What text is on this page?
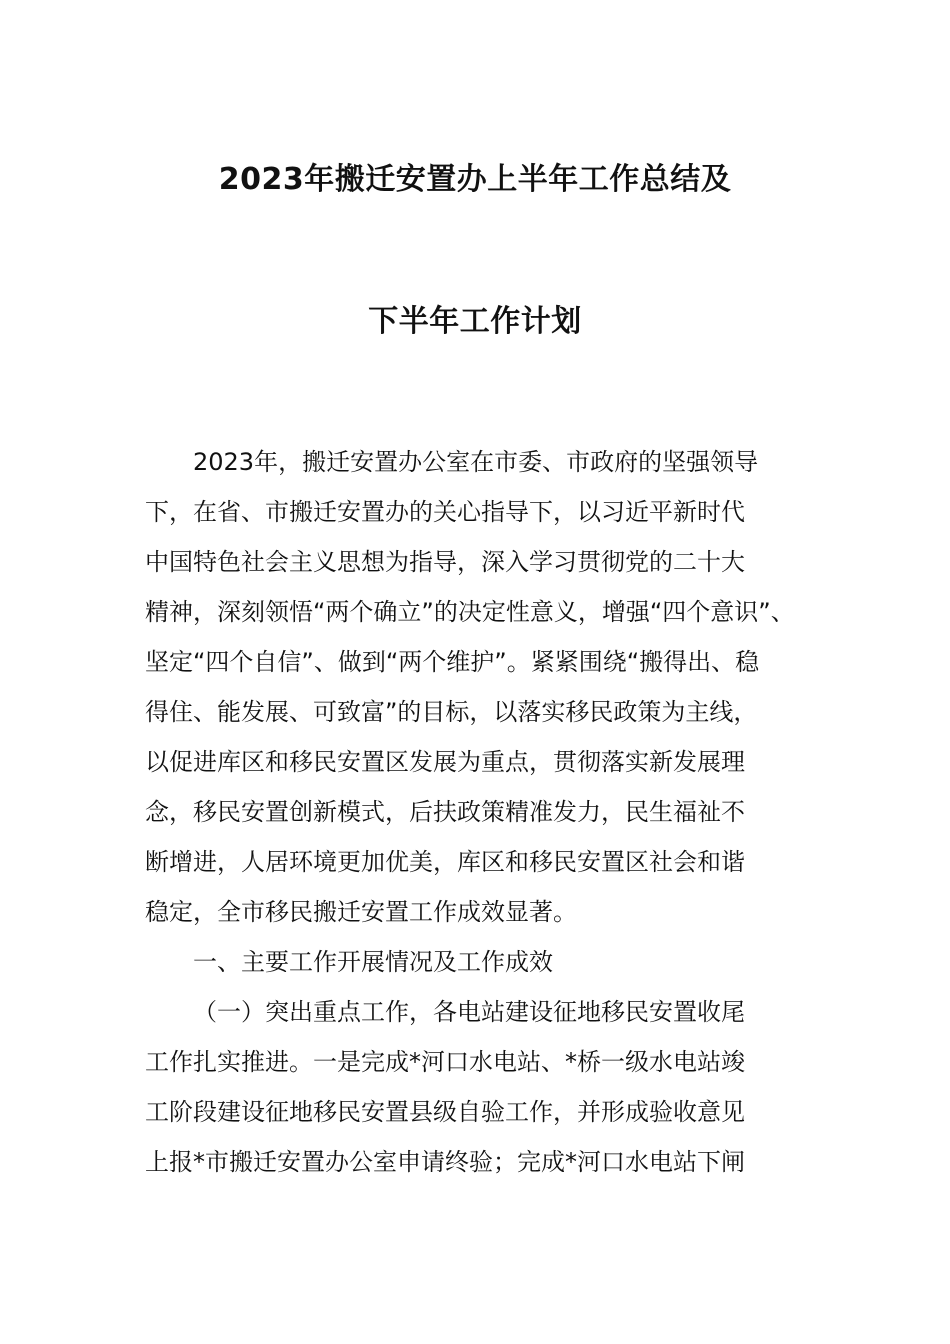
2023年搬迁安置办上半年工作总结及
下半年工作计划
2023年，搬迁安置办公室在市委、市政府的坚强领导
下，在省、市搬迁安置办的关心指导下，以习近平新时代
中国特色社会主义思想为指导，深入学习贯彻党的二十大
精神，深刻领悟“两个确立”的决定性意义，增强“四个意识”、
坚定“四个自信”、做到“两个维护”。紧紧围绕“搬得出、稳
得住、能发展、可致富”的目标，以落实移民政策为主线，
以促进库区和移民安置区发展为重点，贯彻落实新发展理
念，移民安置创新模式，后扶政策精准发力，民生福祉不
断增进，人居环境更加优美，库区和移民安置区社会和谐
稳定，全市移民搬迁安置工作成效显著。
一、主要工作开展情况及工作成效
（一）突出重点工作，各电站建设征地移民安置收尾
工作扎实推进。一是完成*河口水电站、*桥一级水电站竣
工阶段建设征地移民安置县级自验工作，并形成验收意见
上报*市搬迁安置办公室申请终验；完成*河口水电站下闸
